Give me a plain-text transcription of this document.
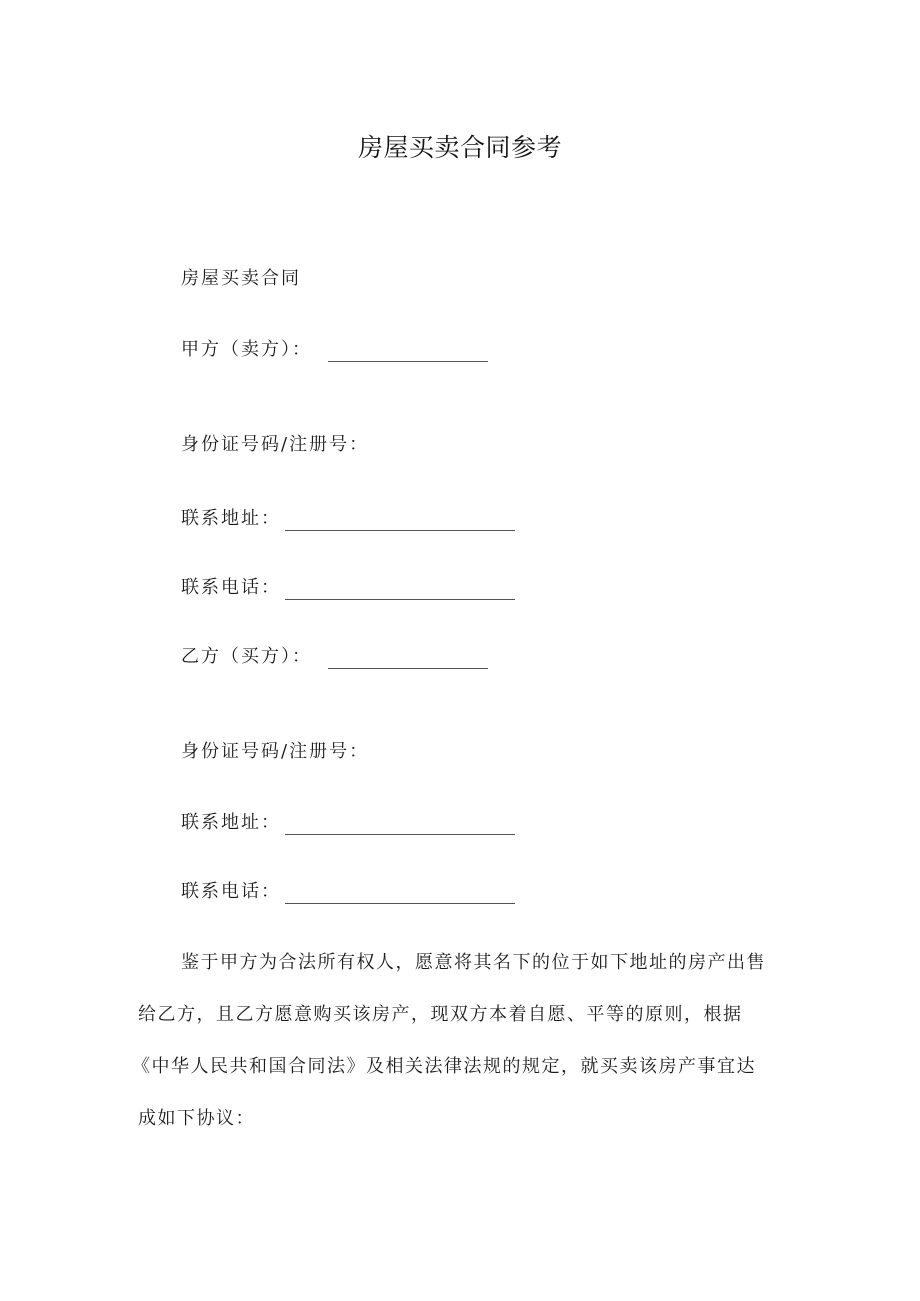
房屋买卖合同参考
房屋买卖合同
甲方（卖方）：
身份证号码/注册号：
联系地址：
联系电话：
乙方（买方）：
身份证号码/注册号：
联系地址：
联系电话：
鉴于甲方为合法所有权人，愿意将其名下的位于如下地址的房产出售
给乙方，且乙方愿意购买该房产，现双方本着自愿、平等的原则，根据
《中华人民共和国合同法》及相关法律法规的规定，就买卖该房产事宜达
成如下协议：
